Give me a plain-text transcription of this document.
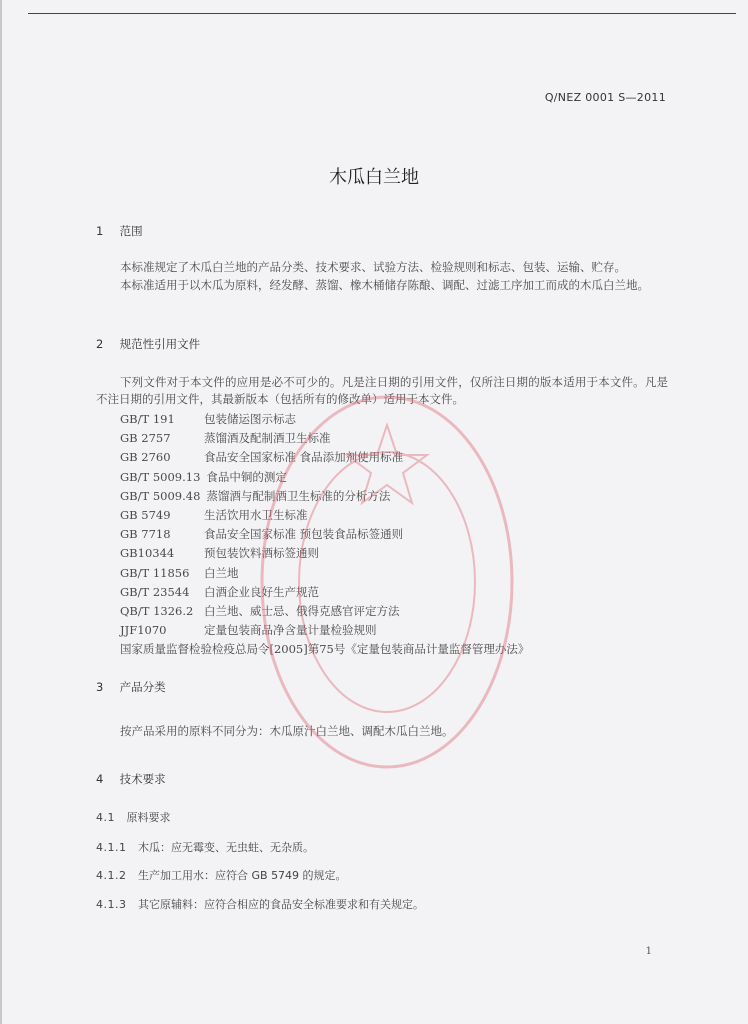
Q/NEZ 0001 S—2011
木瓜白兰地
1 范围
本标准规定了木瓜白兰地的产品分类、技术要求、试验方法、检验规则和标志、包装、运输、贮存。
本标准适用于以木瓜为原料，经发酵、蒸馏、橡木桶储存陈酿、调配、过滤工序加工而成的木瓜白兰地。
2 规范性引用文件
下列文件对于本文件的应用是必不可少的。凡是注日期的引用文件，仅所注日期的版本适用于本文件。凡是不注日期的引用文件，其最新版本（包括所有的修改单）适用于本文件。
GB/T 191	包装储运图示标志
GB 2757	蒸馏酒及配制酒卫生标准
GB 2760	食品安全国家标准 食品添加剂使用标准
GB/T 5009.13 食品中铜的测定
GB/T 5009.48 蒸馏酒与配制酒卫生标准的分析方法
GB 5749	生活饮用水卫生标准
GB 7718	食品安全国家标准 预包装食品标签通则
GB10344	预包装饮料酒标签通则
GB/T 11856 白兰地
GB/T 23544 白酒企业良好生产规范
QB/T 1326.2 白兰地、威士忌、俄得克感官评定方法
JJF1070	定量包装商品净含量计量检验规则
国家质量监督检验检疫总局令[2005]第75号《定量包装商品计量监督管理办法》
3 产品分类
按产品采用的原料不同分为：木瓜原汁白兰地、调配木瓜白兰地。
4 技术要求
4.1 原料要求
4.1.1 木瓜：应无霉变、无虫蛀、无杂质。
4.1.2 生产加工用水：应符合 GB 5749 的规定。
4.1.3 其它原辅料：应符合相应的食品安全标准要求和有关规定。
1
